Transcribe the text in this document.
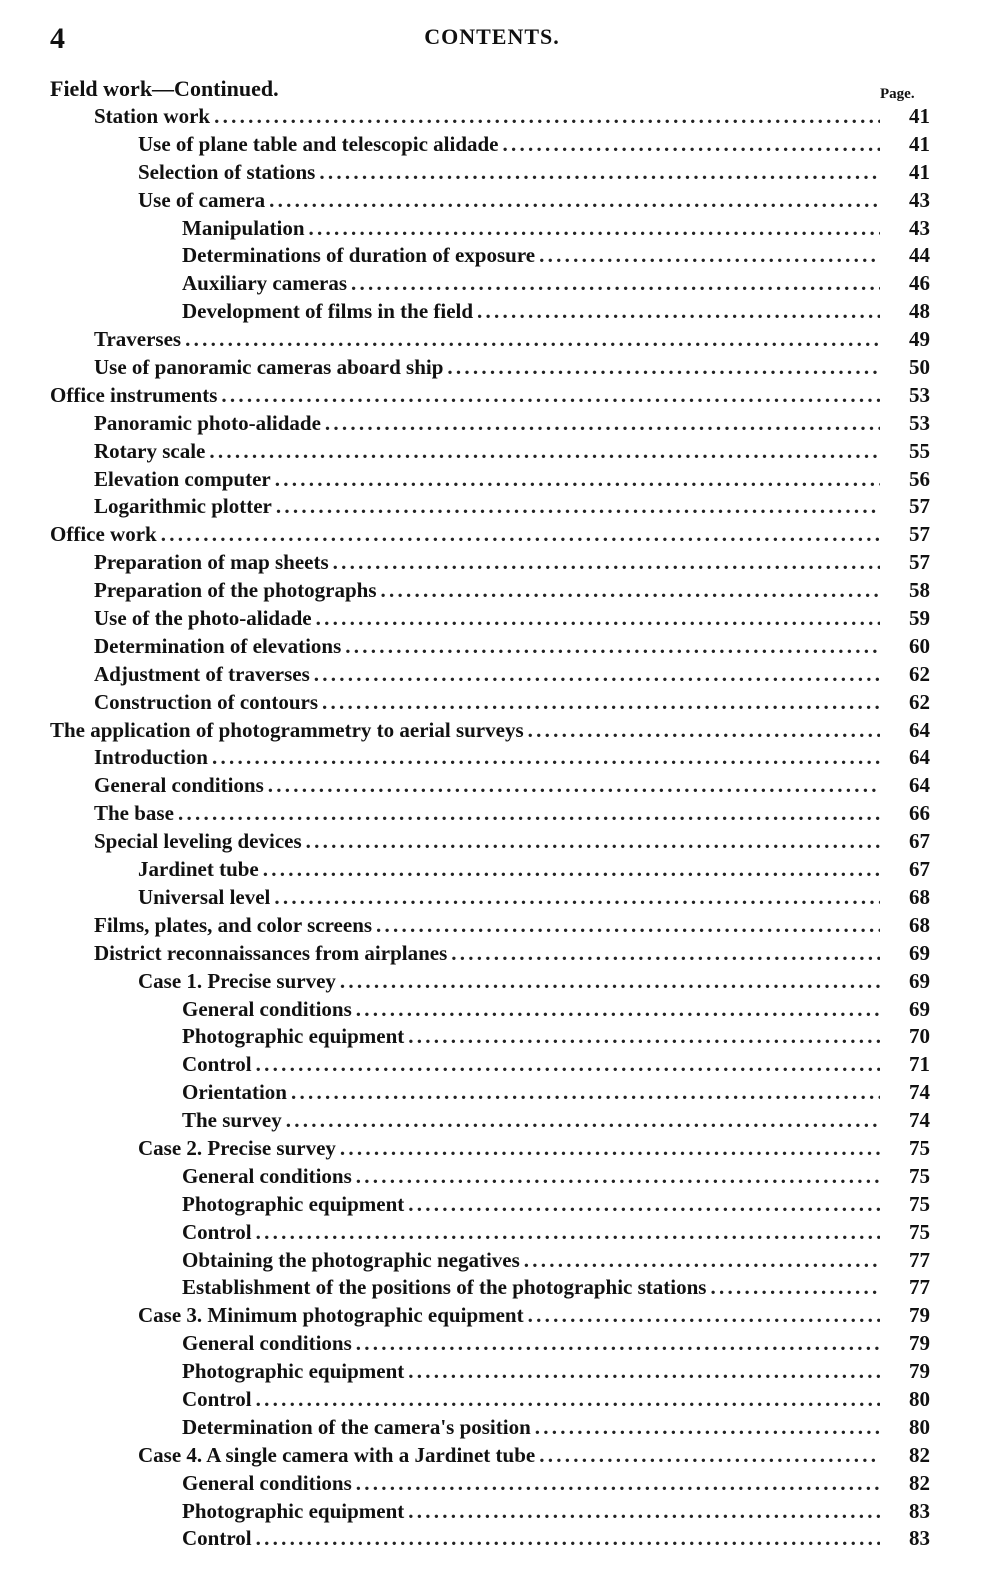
4	CONTENTS.
Field work—Continued.	Page.
Station work . . .	41
Use of plane table and telescopic alidade . . .	41
Selection of stations . . .	41
Use of camera . . .	43
Manipulation . . .	43
Determinations of duration of exposure . . .	44
Auxiliary cameras . . .	46
Development of films in the field . . .	48
Traverses . . .	49
Use of panoramic cameras aboard ship . . .	50
Office instruments . . .	53
Panoramic photo-alidade . . .	53
Rotary scale . . .	55
Elevation computer . . .	56
Logarithmic plotter . . .	57
Office work . . .	57
Preparation of map sheets . . .	57
Preparation of the photographs . . .	58
Use of the photo-alidade . . .	59
Determination of elevations . . .	60
Adjustment of traverses . . .	62
Construction of contours . . .	62
The application of photogrammetry to aerial surveys . . .	64
Introduction . . .	64
General conditions . . .	64
The base . . .	66
Special leveling devices . . .	67
Jardinet tube . . .	67
Universal level . . .	68
Films, plates, and color screens . . .	68
District reconnaissances from airplanes . . .	69
Case 1. Precise survey . . .	69
General conditions . . .	69
Photographic equipment . . .	70
Control . . .	71
Orientation . . .	74
The survey . . .	74
Case 2. Precise survey . . .	75
General conditions . . .	75
Photographic equipment . . .	75
Control . . .	75
Obtaining the photographic negatives . . .	77
Establishment of the positions of the photographic stations . . .	77
Case 3. Minimum photographic equipment . . .	79
General conditions . . .	79
Photographic equipment . . .	79
Control . . .	80
Determination of the camera's position . . .	80
Case 4. A single camera with a Jardinet tube . . .	82
General conditions . . .	82
Photographic equipment . . .	83
Control . . .	83
